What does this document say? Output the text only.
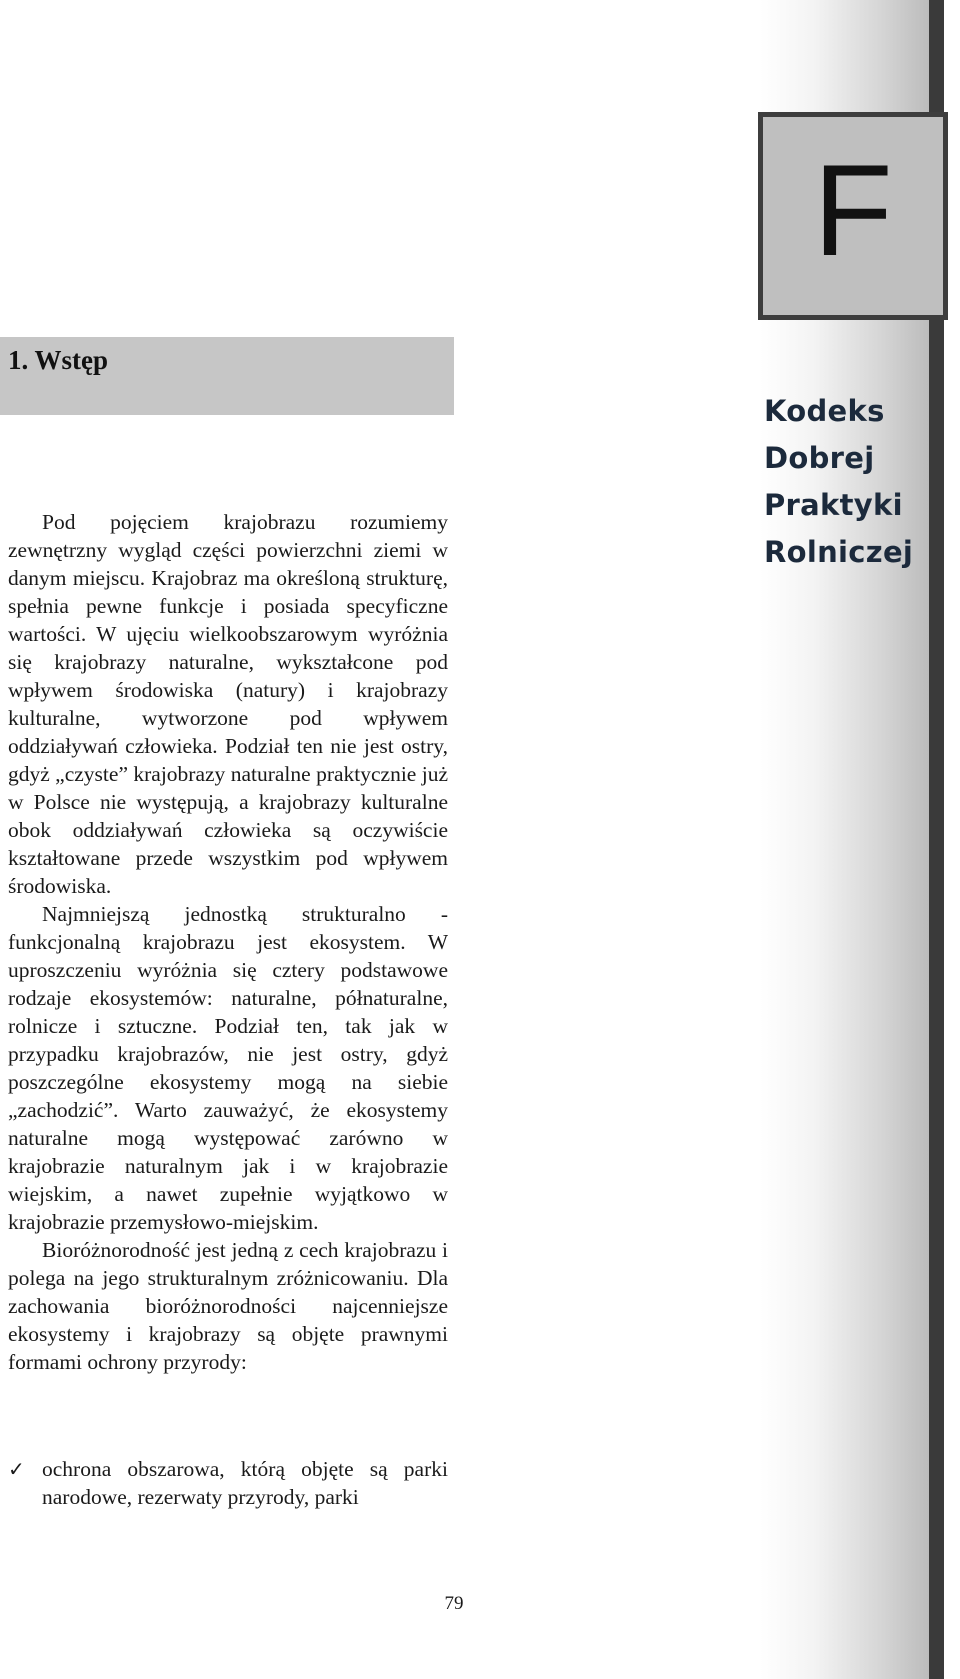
F
Kodeks
Dobrej
Praktyki
Rolniczej
1. Wstęp

Pod pojęciem krajobrazu rozumiemy zewnętrzny wygląd części powierzchni ziemi w danym miejscu. Krajobraz ma określoną strukturę, spełnia pewne funkcje i posiada specyficzne wartości. W ujęciu wielkoobszarowym wyróżnia się krajobrazy naturalne, wykształcone pod wpływem środowiska (natury) i krajobrazy kulturalne, wytworzone pod wpływem oddziaływań człowieka. Podział ten nie jest ostry, gdyż „czyste” krajobrazy naturalne praktycznie już w Polsce nie występują, a krajobrazy kulturalne obok oddziaływań człowieka są oczywiście kształtowane przede wszystkim pod wpływem środowiska.

Najmniejszą jednostką strukturalno - funkcjonalną krajobrazu jest ekosystem. W uproszczeniu wyróżnia się cztery podstawowe rodzaje ekosystemów: naturalne, półnaturalne, rolnicze i sztuczne. Podział ten, tak jak w przypadku krajobrazów, nie jest ostry, gdyż poszczególne ekosystemy mogą na siebie „zachodzić”. Warto zauważyć, że ekosystemy naturalne mogą występować zarówno w krajobrazie naturalnym jak i w krajobrazie wiejskim, a nawet zupełnie wyjątkowo w krajobrazie przemysłowo-miejskim.

Bioróżnorodność jest jedną z cech krajobrazu i polega na jego strukturalnym zróżnicowaniu. Dla zachowania bioróżnorodności najcenniejsze ekosystemy i krajobrazy są objęte prawnymi formami ochrony przyrody:

✓ ochrona obszarowa, którą objęte są parki narodowe, rezerwaty przyrody, parki
79
